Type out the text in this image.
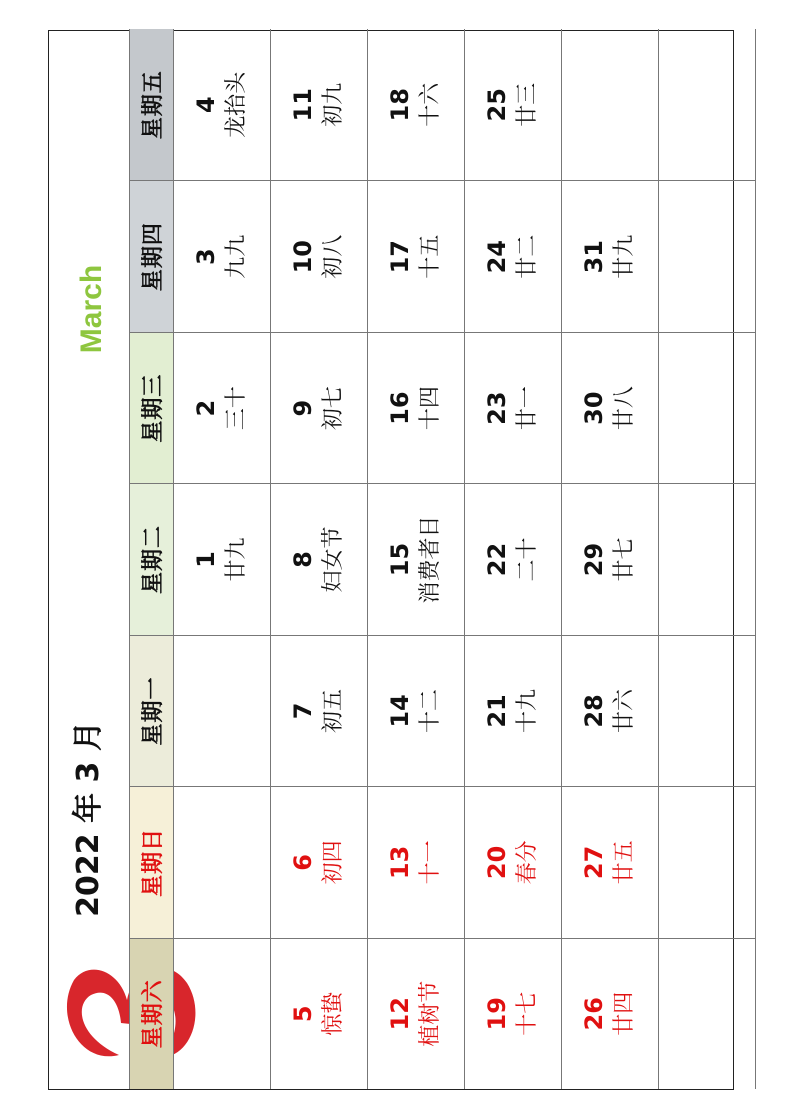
2022 年 3 月
March
星期六
星期日
星期一
星期二
星期三
星期四
星期五
1 廿九
2 三十
3 九九
4 龙抬头
5 惊蛰
6 初四
7 初五
8 妇女节
9 初七
10 初八
11 初九
12 植树节
13 十一
14 十二
15 消费者日
16 十四
17 十五
18 十六
19 十七
20 春分
21 十九
22 二十
23 廿一
24 廿二
25 廿三
26 廿四
27 廿五
28 廿六
29 廿七
30 廿八
31 廿九
